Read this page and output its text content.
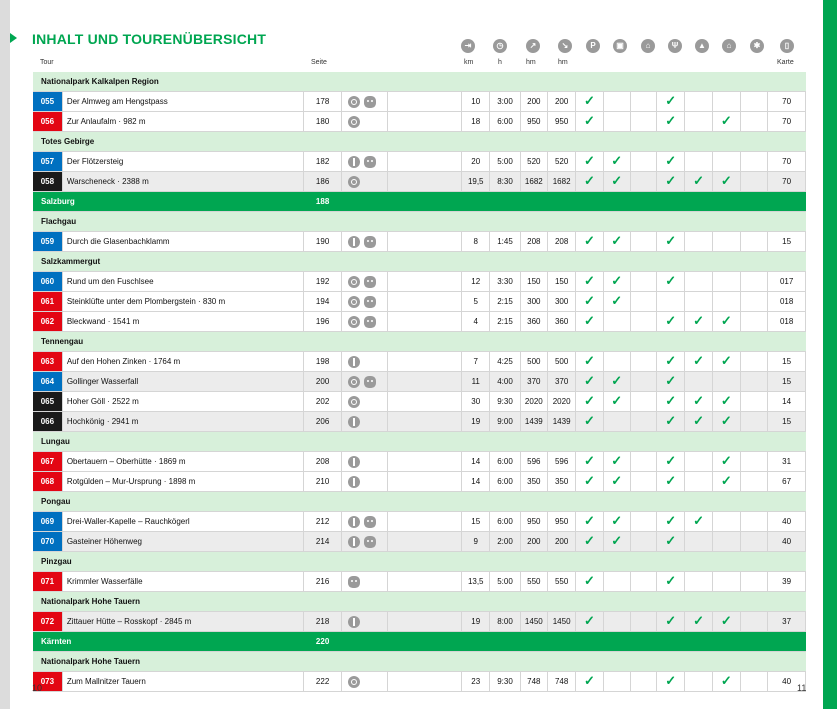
INHALT UND TOURENÜBERSICHT	⇥	◷	↗	↘	P	▣	⌂	Ψ	▲	⌂	✱	▯
Tour	Seite	km	h	hm	hm	Karte
Nationalpark Kalkalpen Region																
055	Der Almweg am Hengstpass	178			10	3:00	200	200	✓			✓				70
056	Zur Anlaufalm · 982 m	180			18	6:00	950	950	✓			✓		✓		70
Totes Gebirge																
057	Der Flötzersteig	182			20	5:00	520	520	✓	✓		✓				70
058	Warscheneck · 2388 m	186			19,5	8:30	1682	1682	✓	✓		✓	✓	✓		70
Salzburg		188														
Flachgau																
059	Durch die Glasenbachklamm	190			8	1:45	208	208	✓	✓		✓				15
Salzkammergut																
060	Rund um den Fuschlsee	192			12	3:30	150	150	✓	✓		✓				017
061	Steinklüfte unter dem Plombergstein · 830 m	194			5	2:15	300	300	✓	✓						018
062	Bleckwand · 1541 m	196			4	2:15	360	360	✓			✓	✓	✓		018
Tennengau																
063	Auf den Hohen Zinken · 1764 m	198			7	4:25	500	500	✓			✓	✓	✓		15
064	Gollinger Wasserfall	200			11	4:00	370	370	✓	✓		✓				15
065	Hoher Göll · 2522 m	202			30	9:30	2020	2020	✓	✓		✓	✓	✓		14
066	Hochkönig · 2941 m	206			19	9:00	1439	1439	✓			✓	✓	✓		15
Lungau																
067	Obertauern – Oberhütte · 1869 m	208			14	6:00	596	596	✓	✓		✓		✓		31
068	Rotgülden – Mur-Ursprung · 1898 m	210			14	6:00	350	350	✓	✓		✓		✓		67
Pongau																
069	Drei-Waller-Kapelle – Rauchkögerl	212			15	6:00	950	950	✓	✓		✓	✓			40
070	Gasteiner Höhenweg	214			9	2:00	200	200	✓	✓		✓				40
Pinzgau																
071	Krimmler Wasserfälle	216			13,5	5:00	550	550	✓			✓				39
Nationalpark Hohe Tauern																
072	Zittauer Hütte – Rosskopf · 2845 m	218			19	8:00	1450	1450	✓			✓	✓	✓		37
Kärnten		220														
Nationalpark Hohe Tauern																
073	Zum Mallnitzer Tauern	222			23	9:30	748	748	✓			✓		✓		40
10	11
